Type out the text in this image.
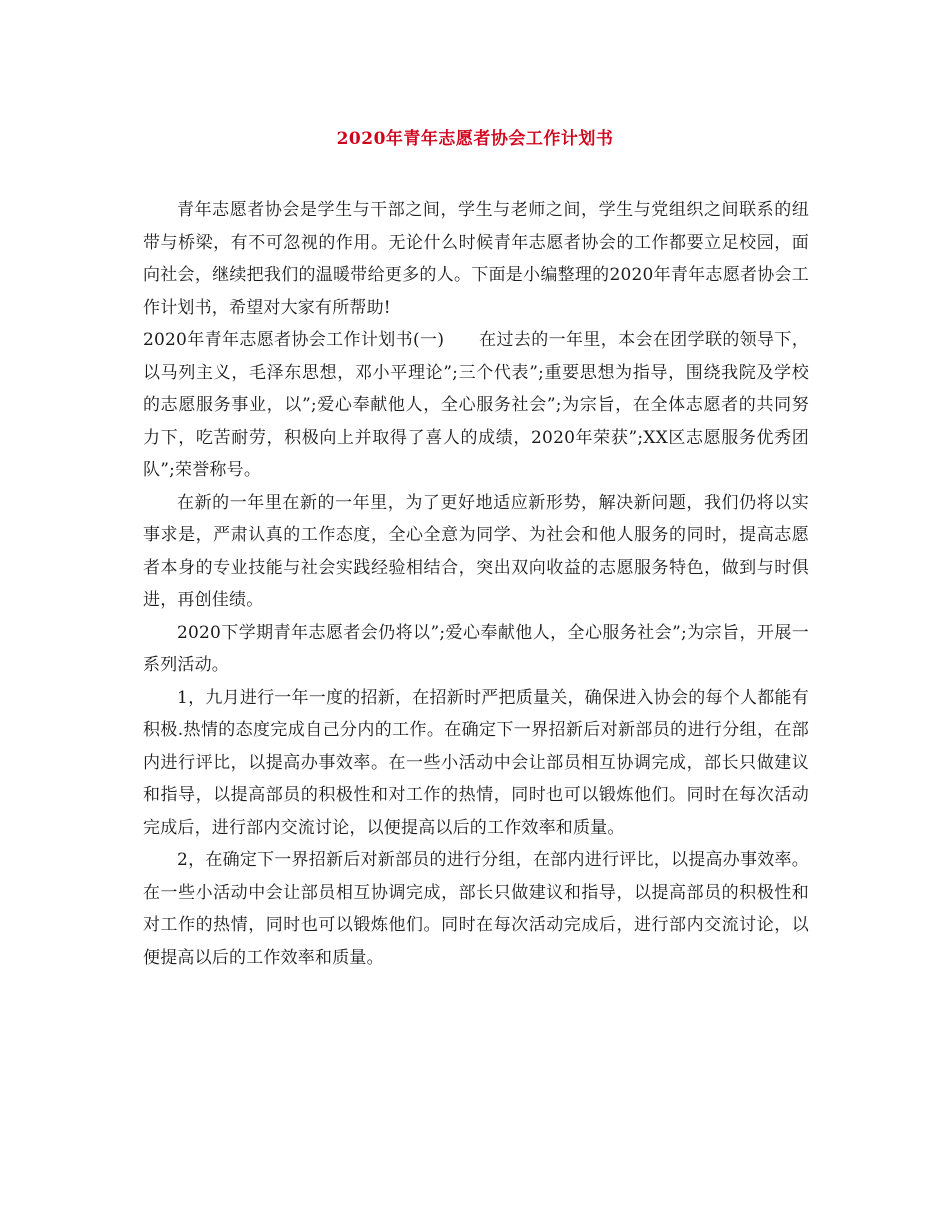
2020年青年志愿者协会工作计划书

青年志愿者协会是学生与干部之间，学生与老师之间，学生与党组织之间联系的纽带与桥梁，有不可忽视的作用。无论什么时候青年志愿者协会的工作都要立足校园，面向社会，继续把我们的温暖带给更多的人。下面是小编整理的2020年青年志愿者协会工作计划书，希望对大家有所帮助!

2020年青年志愿者协会工作计划书(一)　　在过去的一年里，本会在团学联的领导下，以马列主义，毛泽东思想，邓小平理论”;三个代表”;重要思想为指导，围绕我院及学校的志愿服务事业，以”;爱心奉献他人，全心服务社会”;为宗旨，在全体志愿者的共同努力下，吃苦耐劳，积极向上并取得了喜人的成绩，2020年荣获”;XX区志愿服务优秀团队”;荣誉称号。

在新的一年里在新的一年里，为了更好地适应新形势，解决新问题，我们仍将以实事求是，严肃认真的工作态度，全心全意为同学、为社会和他人服务的同时，提高志愿者本身的专业技能与社会实践经验相结合，突出双向收益的志愿服务特色，做到与时俱进，再创佳绩。

2020下学期青年志愿者会仍将以”;爱心奉献他人，全心服务社会”;为宗旨，开展一系列活动。

1，九月进行一年一度的招新，在招新时严把质量关，确保进入协会的每个人都能有积极.热情的态度完成自己分内的工作。在确定下一界招新后对新部员的进行分组，在部内进行评比，以提高办事效率。在一些小活动中会让部员相互协调完成，部长只做建议和指导，以提高部员的积极性和对工作的热情，同时也可以锻炼他们。同时在每次活动完成后，进行部内交流讨论，以便提高以后的工作效率和质量。

2，在确定下一界招新后对新部员的进行分组，在部内进行评比，以提高办事效率。在一些小活动中会让部员相互协调完成，部长只做建议和指导，以提高部员的积极性和对工作的热情，同时也可以锻炼他们。同时在每次活动完成后，进行部内交流讨论，以便提高以后的工作效率和质量。
